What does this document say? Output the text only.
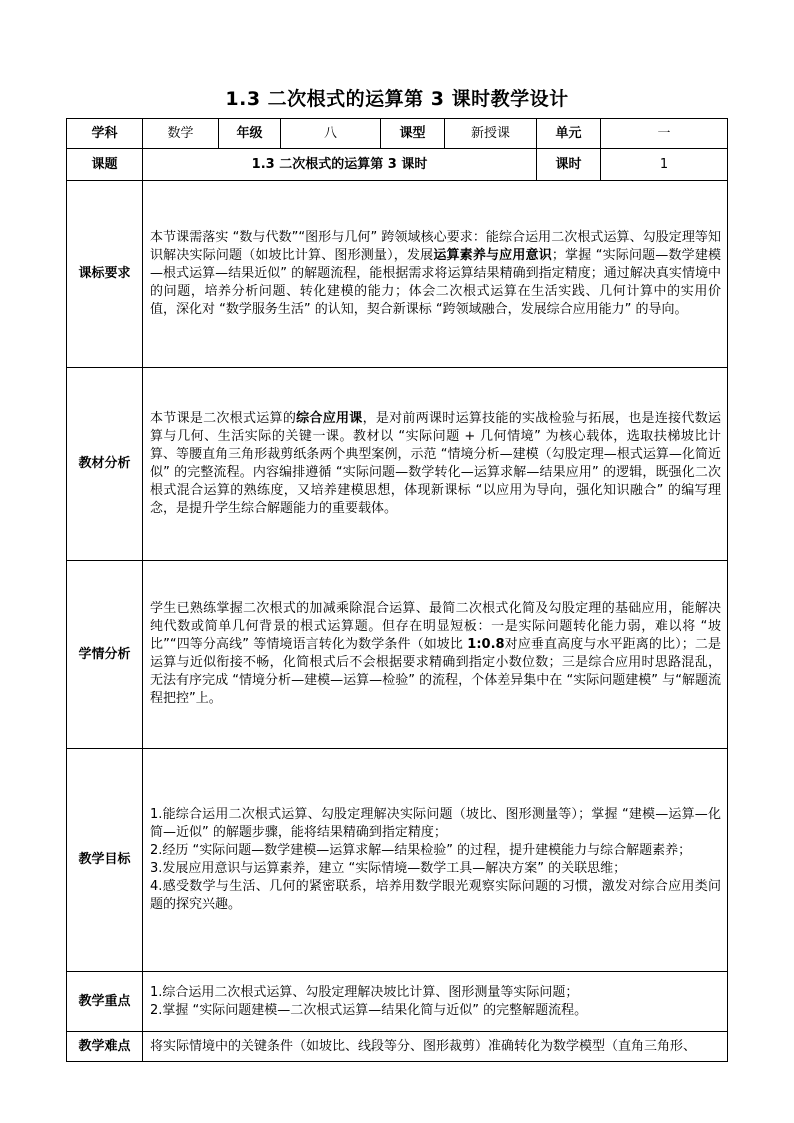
1.3 二次根式的运算第 3 课时教学设计
学科	数学	年级	八	课型	新授课	单元	一
课题	1.3 二次根式的运算第 3 课时					课时	1
课标要求	本节课需落实 “数与代数”“图形与几何” 跨领域核心要求：能综合运用二次根式运算、勾股定理等知识解决实际问题（如坡比计算、图形测量），发展运算素养与应用意识；掌握 “实际问题—数学建模—根式运算—结果近似” 的解题流程，能根据需求将运算结果精确到指定精度；通过解决真实情境中的问题，培养分析问题、转化建模的能力；体会二次根式运算在生活实践、几何计算中的实用价值，深化对 “数学服务生活” 的认知，契合新课标 “跨领域融合，发展综合应用能力” 的导向。						
教材分析	本节课是二次根式运算的综合应用课，是对前两课时运算技能的实战检验与拓展，也是连接代数运算与几何、生活实际的关键一课。教材以 “实际问题 + 几何情境” 为核心载体，选取扶梯坡比计算、等腰直角三角形裁剪纸条两个典型案例，示范 “情境分析—建模（勾股定理—根式运算—化简近似” 的完整流程。内容编排遵循 “实际问题—数学转化—运算求解—结果应用” 的逻辑，既强化二次根式混合运算的熟练度，又培养建模思想，体现新课标 “以应用为导向，强化知识融合” 的编写理念，是提升学生综合解题能力的重要载体。						
学情分析	学生已熟练掌握二次根式的加减乘除混合运算、最简二次根式化简及勾股定理的基础应用，能解决纯代数或简单几何背景的根式运算题。但存在明显短板：一是实际问题转化能力弱，难以将 “坡比”“四等分高线” 等情境语言转化为数学条件（如坡比 1:0.8对应垂直高度与水平距离的比）；二是运算与近似衔接不畅，化简根式后不会根据要求精确到指定小数位数；三是综合应用时思路混乱，无法有序完成 “情境分析—建模—运算—检验” 的流程，个体差异集中在 “实际问题建模” 与“解题流程把控”上。						
教学目标	1.能综合运用二次根式运算、勾股定理解决实际问题（坡比、图形测量等）；掌握 “建模—运算—化简—近似” 的解题步骤，能将结果精确到指定精度；

2.经历 “实际问题—数学建模—运算求解—结果检验” 的过程，提升建模能力与综合解题素养；

3.发展应用意识与运算素养，建立 “实际情境—数学工具—解决方案” 的关联思维；

4.感受数学与生活、几何的紧密联系，培养用数学眼光观察实际问题的习惯，激发对综合应用类问题的探究兴趣。						

教学重点	1.综合运用二次根式运算、勾股定理解决坡比计算、图形测量等实际问题；

2.掌握 “实际问题建模—二次根式运算—结果化简与近似” 的完整解题流程。						

教学难点	将实际情境中的关键条件（如坡比、线段等分、图形裁剪）准确转化为数学模型（直角三角形、						
